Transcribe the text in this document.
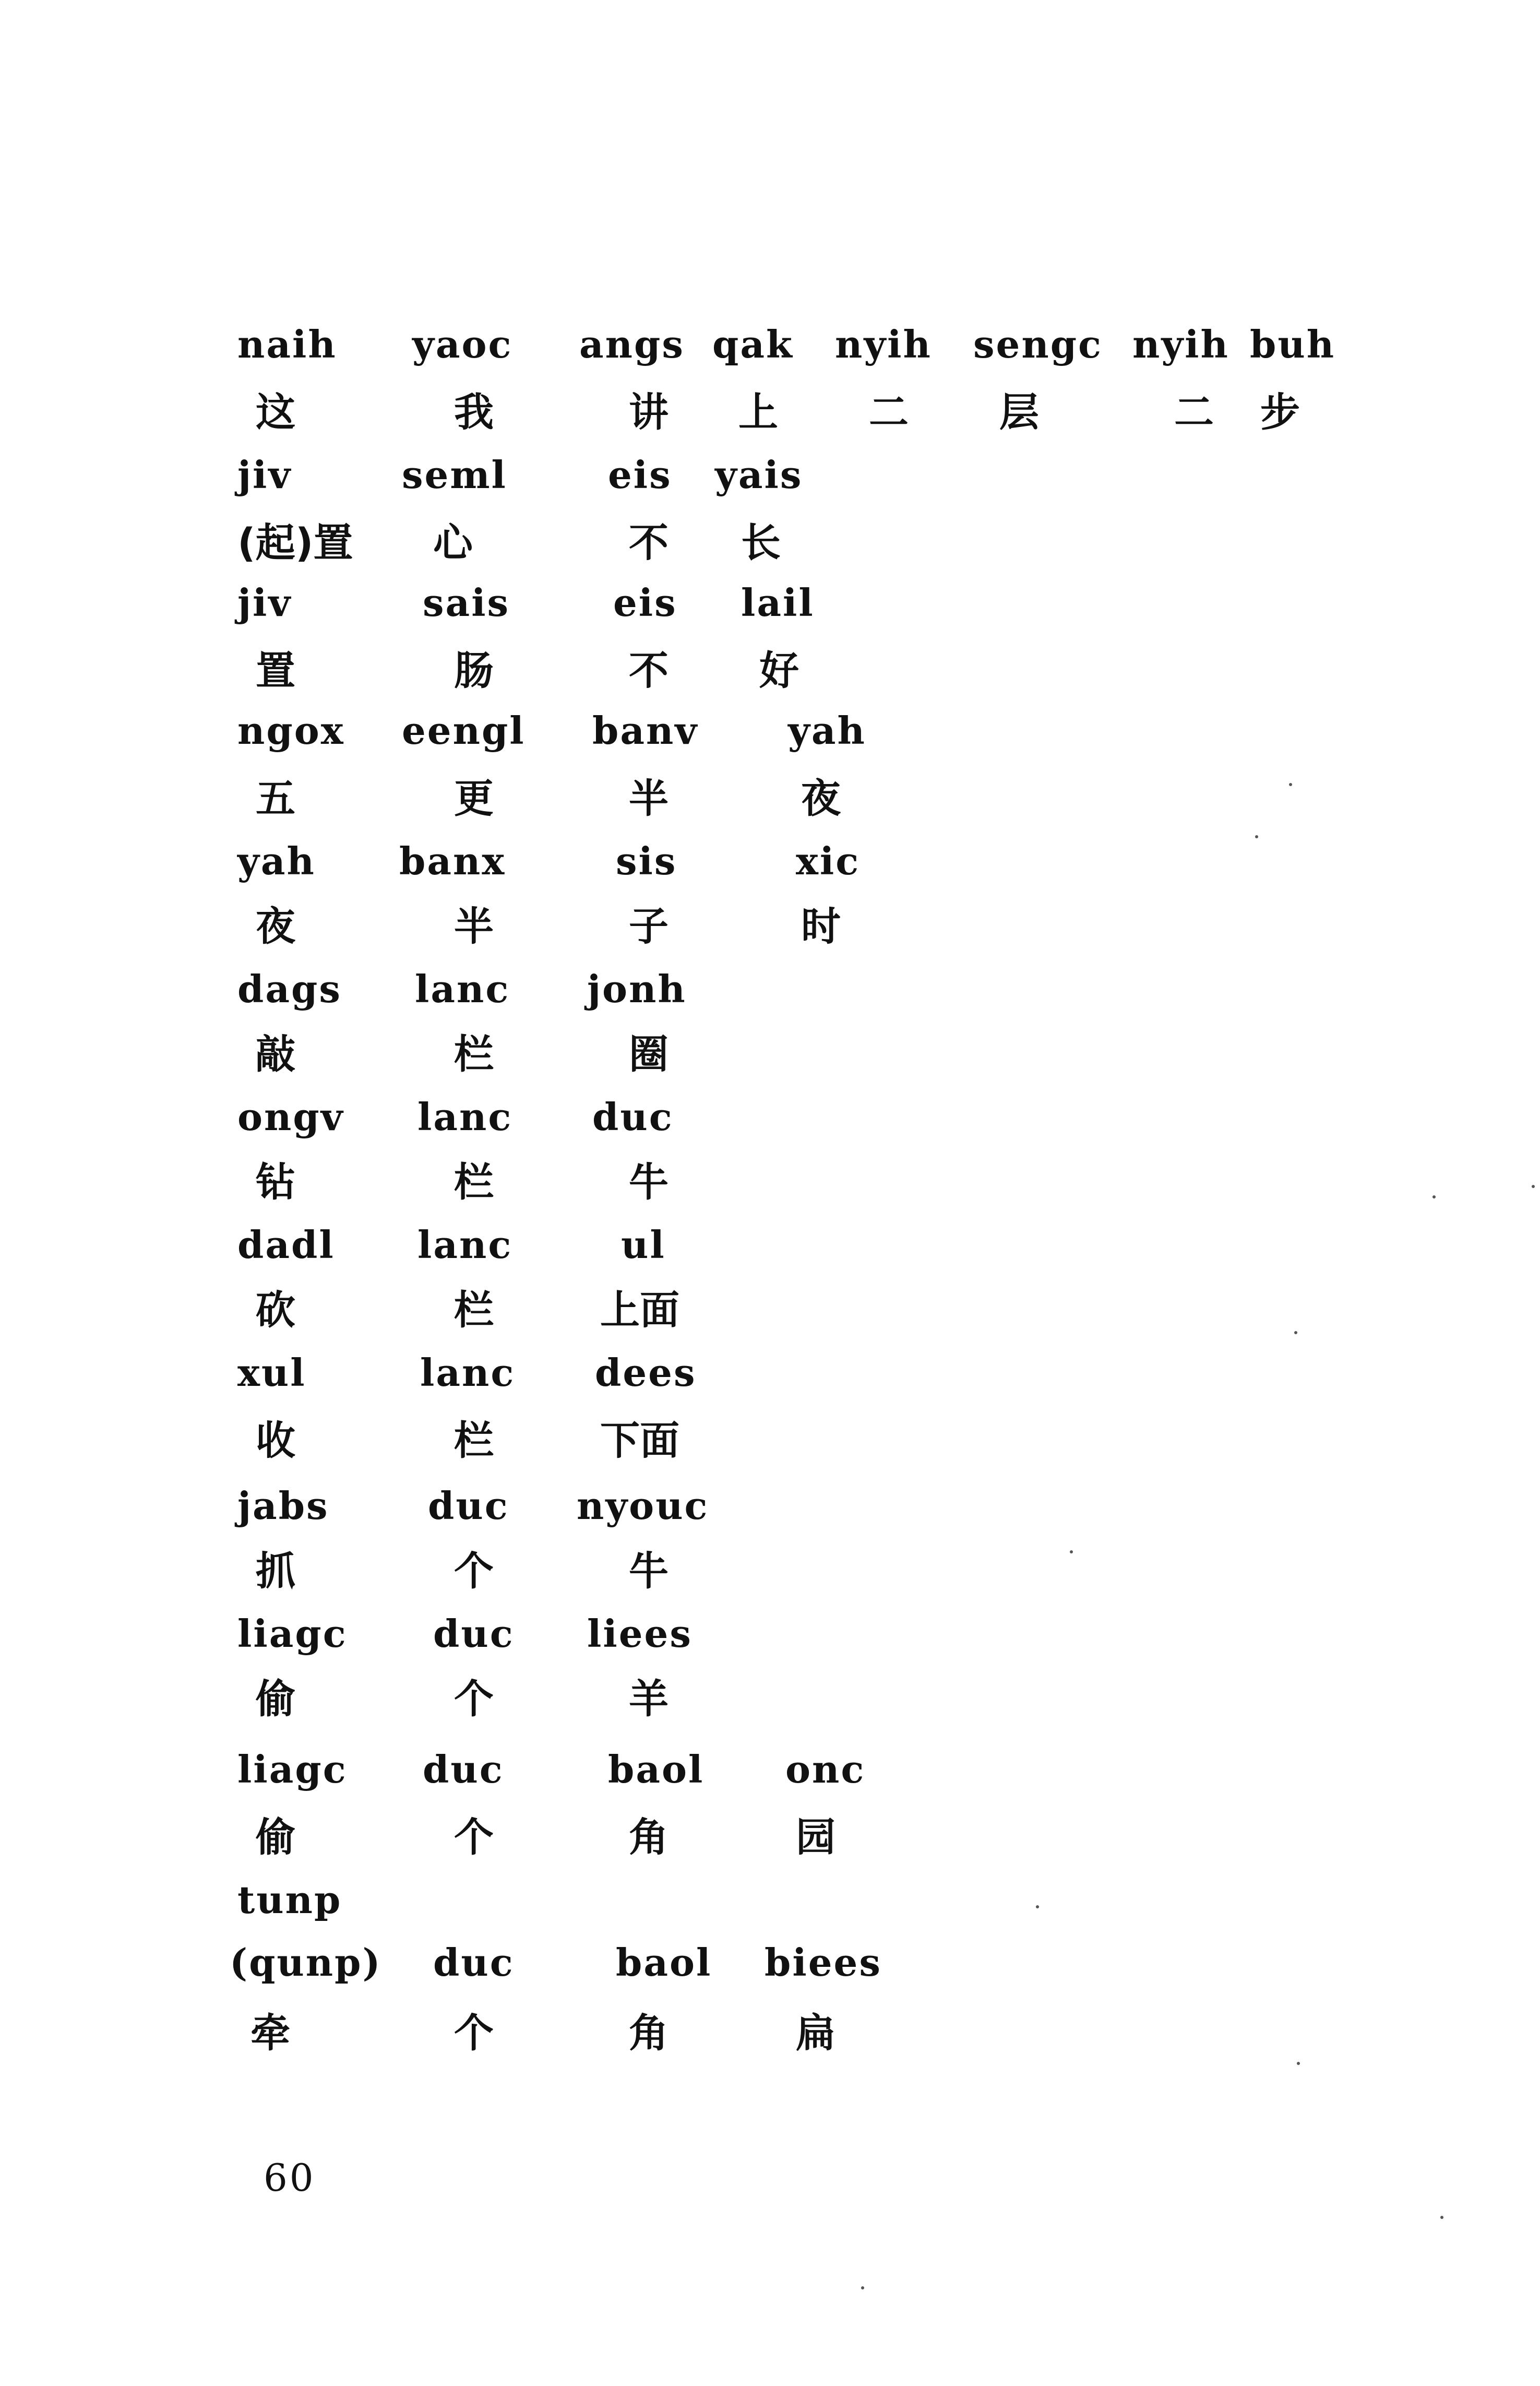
naih yaoc angs qak nyih sengc nyih buh
这	我	讲 上 二 层	二 步
jiv	seml	eis yais
(起)置 心	不 长
jiv	sais	eis lail
置	肠	不 好
ngox eengl banv yah
五	更	半	夜
yah banx	sis	xic
夜	半	子	时
dags lanc jonh
敲	栏	圈
ongv lanc duc
钻	栏	牛
dadl lanc	ul
砍	栏	上面
xul	lanc dees
收	栏	下面
jabs	duc nyouc
抓	个	牛
liagc duc liees
偷	个	羊
liagc duc	baol onc
偷	个	角	园
tunp
(qunp) duc	baol biees
牵	个	角	扁
60
